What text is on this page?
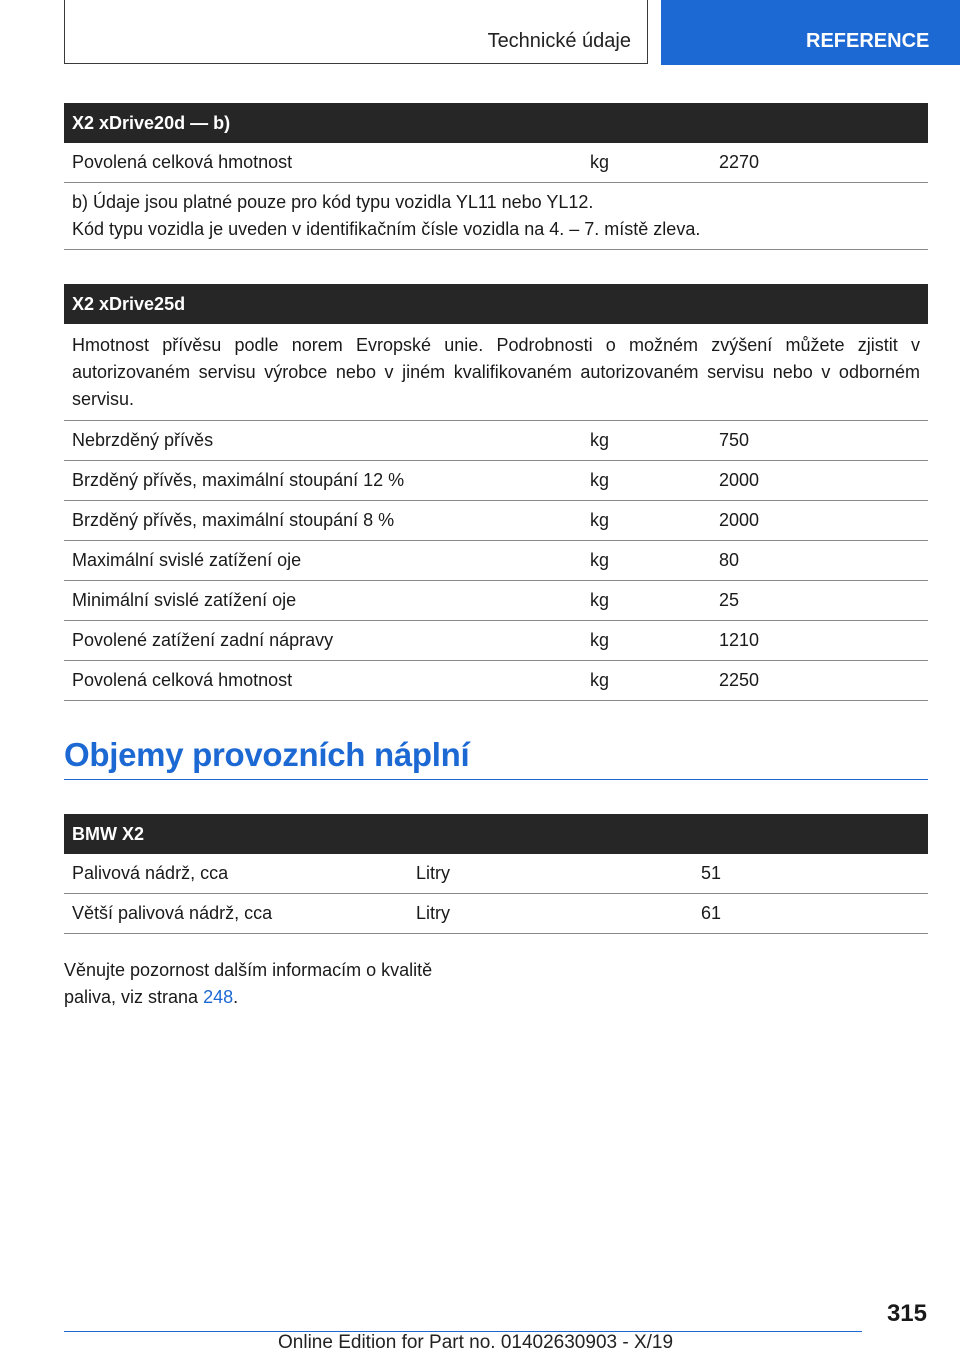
Technické údaje	REFERENCE
X2 xDrive20d — b)
Povolená celková hmotnost	kg	2270

b) Údaje jsou platné pouze pro kód typu vozidla YL11 nebo YL12.

Kód typu vozidla je uveden v identifikačním čísle vozidla na 4. – 7. místě zleva.

X2 xDrive25d
Hmotnost přívěsu podle norem Evropské unie. Podrobnosti o možném zvýšení můžete zjistit v autorizovaném servisu výrobce nebo v jiném kvalifikovaném autorizovaném servisu nebo v odborném servisu.
Nebrzděný přívěs	kg	750
Brzděný přívěs, maximální stoupání 12 %	kg	2000
Brzděný přívěs, maximální stoupání 8 %	kg	2000
Maximální svislé zatížení oje	kg	80
Minimální svislé zatížení oje	kg	25
Povolené zatížení zadní nápravy	kg	1210
Povolená celková hmotnost	kg	2250
Objemy provozních náplní
BMW X2
Palivová nádrž, cca	Litry	51
Větší palivová nádrž, cca	Litry	61
Věnujte pozornost dalším informacím o kvalitě paliva, viz strana 248.
315
Online Edition for Part no. 01402630903 - X/19
